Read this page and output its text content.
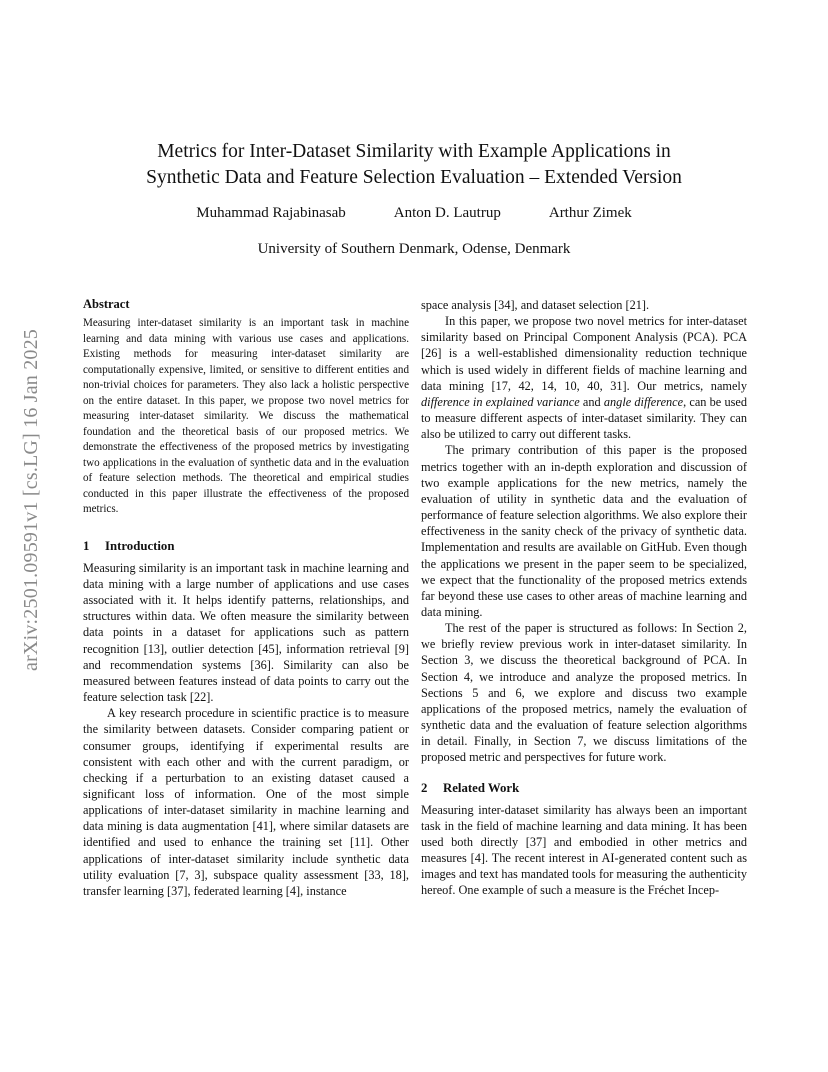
arXiv:2501.09591v1 [cs.LG] 16 Jan 2025
Metrics for Inter-Dataset Similarity with Example Applications in
Synthetic Data and Feature Selection Evaluation – Extended Version
Muhammad Rajabinasab	Anton D. Lautrup	Arthur Zimek
University of Southern Denmark, Odense, Denmark
Abstract

Measuring inter-dataset similarity is an important task in machine learning and data mining with various use cases and applications. Existing methods for measuring inter-dataset similarity are computationally expensive, limited, or sensitive to different entities and non-trivial choices for parameters. They also lack a holistic perspective on the entire dataset. In this paper, we propose two novel metrics for measuring inter-dataset similarity. We discuss the mathematical foundation and the theoretical basis of our proposed metrics. We demonstrate the effectiveness of the proposed metrics by investigating two applications in the evaluation of synthetic data and in the evaluation of feature selection methods. The theoretical and empirical studies conducted in this paper illustrate the effectiveness of the proposed metrics.

1 Introduction

Measuring similarity is an important task in machine learning and data mining with a large number of applications and use cases associated with it. It helps identify patterns, relationships, and structures within data. We often measure the similarity between data points in a dataset for applications such as pattern recognition [13], outlier detection [45], information retrieval [9] and recommendation systems [36]. Similarity can also be measured between features instead of data points to carry out the feature selection task [22].

A key research procedure in scientific practice is to measure the similarity between datasets. Consider comparing patient or consumer groups, identifying if experimental results are consistent with each other and with the current paradigm, or checking if a perturbation to an existing dataset caused a significant loss of information. One of the most simple applications of inter-dataset similarity in machine learning and data mining is data augmentation [41], where similar datasets are identified and used to enhance the training set [11]. Other applications of inter-dataset similarity include synthetic data utility evaluation [7, 3], subspace quality assessment [33, 18], transfer learning [37], federated learning [4], instance

space analysis [34], and dataset selection [21].

In this paper, we propose two novel metrics for inter-dataset similarity based on Principal Component Analysis (PCA). PCA [26] is a well-established dimensionality reduction technique which is used widely in different fields of machine learning and data mining [17, 42, 14, 10, 40, 31]. Our metrics, namely difference in explained variance and angle difference, can be used to measure different aspects of inter-dataset similarity. They can also be utilized to carry out different tasks.

The primary contribution of this paper is the proposed metrics together with an in-depth exploration and discussion of two example applications for the new metrics, namely the evaluation of utility in synthetic data and the evaluation of performance of feature selection algorithms. We also explore their effectiveness in the sanity check of the privacy of synthetic data. Implementation and results are available on GitHub. Even though the applications we present in the paper seem to be specialized, we expect that the functionality of the proposed metrics extends far beyond these use cases to other areas of machine learning and data mining.

The rest of the paper is structured as follows: In Section 2, we briefly review previous work in inter-dataset similarity. In Section 3, we discuss the theoretical background of PCA. In Section 4, we introduce and analyze the proposed metrics. In Sections 5 and 6, we explore and discuss two example applications of the proposed metrics, namely the evaluation of synthetic data and the evaluation of feature selection algorithms in detail. Finally, in Section 7, we discuss limitations of the proposed metric and perspectives for future work.

2 Related Work

Measuring inter-dataset similarity has always been an important task in the field of machine learning and data mining. It has been used both directly [37] and embodied in other metrics and measures [4]. The recent interest in AI-generated content such as images and text has mandated tools for measuring the authenticity hereof. One example of such a measure is the Fréchet Incep-
